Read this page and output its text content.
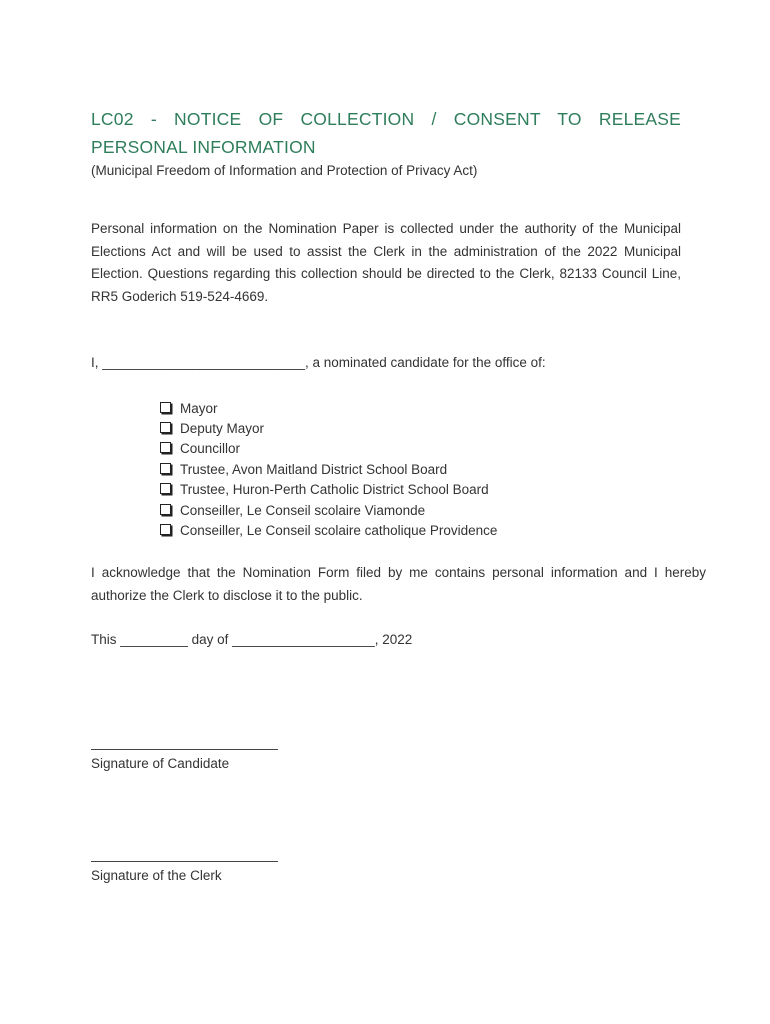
LC02 - NOTICE OF COLLECTION / CONSENT TO RELEASE PERSONAL INFORMATION

(Municipal Freedom of Information and Protection of Privacy Act)

Personal information on the Nomination Paper is collected under the authority of the Municipal Elections Act and will be used to assist the Clerk in the administration of the 2022 Municipal Election. Questions regarding this collection should be directed to the Clerk, 82133 Council Line, RR5 Goderich 519-524-4669.

I, ___________________________, a nominated candidate for the office of:

Mayor
Deputy Mayor
Councillor
Trustee, Avon Maitland District School Board
Trustee, Huron-Perth Catholic District School Board
Conseiller, Le Conseil scolaire Viamonde
Conseiller, Le Conseil scolaire catholique Providence

I acknowledge that the Nomination Form filed by me contains personal information and I hereby authorize the Clerk to disclose it to the public.

This _________ day of ___________________, 2022

Signature of Candidate

Signature of the Clerk
